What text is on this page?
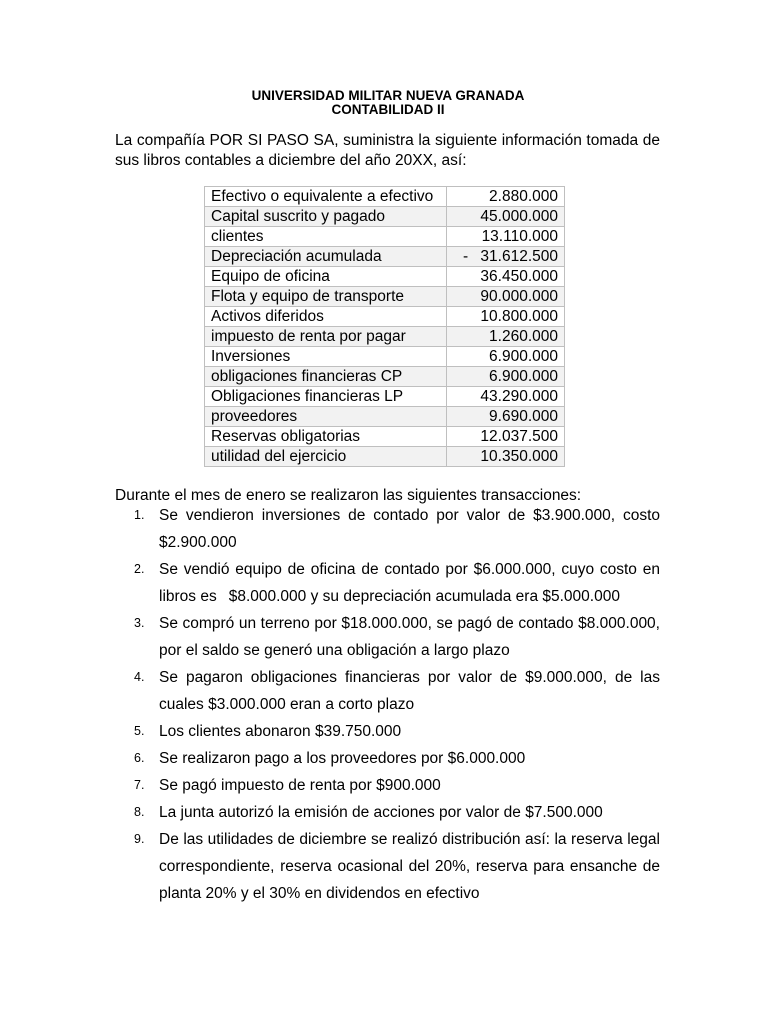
UNIVERSIDAD MILITAR NUEVA GRANADA
CONTABILIDAD II
La compañía POR SI PASO SA, suministra la siguiente información tomada de sus libros contables a diciembre del año 20XX, así:
Efectivo o equivalente a efectivo	2.880.000
Capital suscrito y pagado	45.000.000
clientes	13.110.000
Depreciación acumulada	- 31.612.500
Equipo de oficina	36.450.000
Flota y equipo de transporte	90.000.000
Activos diferidos	10.800.000
impuesto de renta por pagar	1.260.000
Inversiones	6.900.000
obligaciones financieras CP	6.900.000
Obligaciones financieras LP	43.290.000
proveedores	9.690.000
Reservas obligatorias	12.037.500
utilidad del ejercicio	10.350.000
Durante el mes de enero se realizaron las siguientes transacciones:
1. Se vendieron inversiones de contado por valor de $3.900.000, costo $2.900.000
2. Se vendió equipo de oficina de contado por $6.000.000, cuyo costo en libros es $8.000.000 y su depreciación acumulada era $5.000.000
3. Se compró un terreno por $18.000.000, se pagó de contado $8.000.000, por el saldo se generó una obligación a largo plazo
4. Se pagaron obligaciones financieras por valor de $9.000.000, de las cuales $3.000.000 eran a corto plazo
5. Los clientes abonaron $39.750.000
6. Se realizaron pago a los proveedores por $6.000.000
7. Se pagó impuesto de renta por $900.000
8. La junta autorizó la emisión de acciones por valor de $7.500.000
9. De las utilidades de diciembre se realizó distribución así: la reserva legal correspondiente, reserva ocasional del 20%, reserva para ensanche de planta 20% y el 30% en dividendos en efectivo
